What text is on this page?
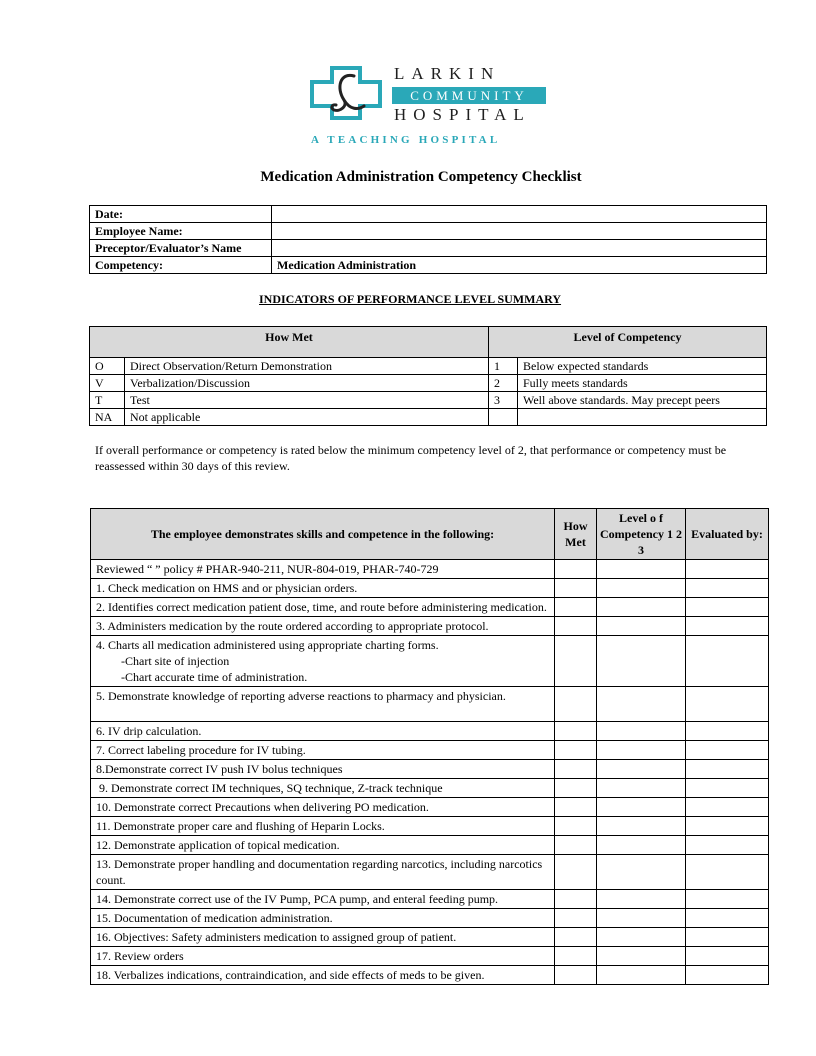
LARKIN
COMMUNITY
HOSPITAL
A TEACHING HOSPITAL
Medication Administration Competency Checklist
Date:	
Employee Name:	
Preceptor/Evaluator’s Name	
Competency:	Medication Administration
INDICATORS OF PERFORMANCE LEVEL SUMMARY
How Met		Level of Competency	
O	Direct Observation/Return Demonstration	1	Below expected standards
V	Verbalization/Discussion	2	Fully meets standards
T	Test	3	Well above standards. May precept peers
NA	Not applicable		
If overall performance or competency is rated below the minimum competency level of 2, that performance or competency must be reassessed within 30 days of this review.
The employee demonstrates skills and competence in the following:	How Met	Level o f Competency 1 2 3	Evaluated by:
Reviewed “ ” policy # PHAR-940-211, NUR-804-019, PHAR-740-729			
1. Check medication on HMS and or physician orders.			
2. Identifies correct medication patient dose, time, and route before administering medication.			
3. Administers medication by the route ordered according to appropriate protocol.			

4. Charts all medication administered using appropriate charting forms.
-Chart site of injection
-Chart accurate time of administration.			

5. Demonstrate knowledge of reporting adverse reactions to pharmacy and physician.			
6. IV drip calculation.			
7. Correct labeling procedure for IV tubing.			
8.Demonstrate correct IV push IV bolus techniques			
9. Demonstrate correct IM techniques, SQ technique, Z-track technique			
10. Demonstrate correct Precautions when delivering PO medication.			
11. Demonstrate proper care and flushing of Heparin Locks.			
12. Demonstrate application of topical medication.			
13. Demonstrate proper handling and documentation regarding narcotics, including narcotics count.			
14. Demonstrate correct use of the IV Pump, PCA pump, and enteral feeding pump.			
15. Documentation of medication administration.			
16. Objectives: Safety administers medication to assigned group of patient.			
17. Review orders			
18. Verbalizes indications, contraindication, and side effects of meds to be given.			
